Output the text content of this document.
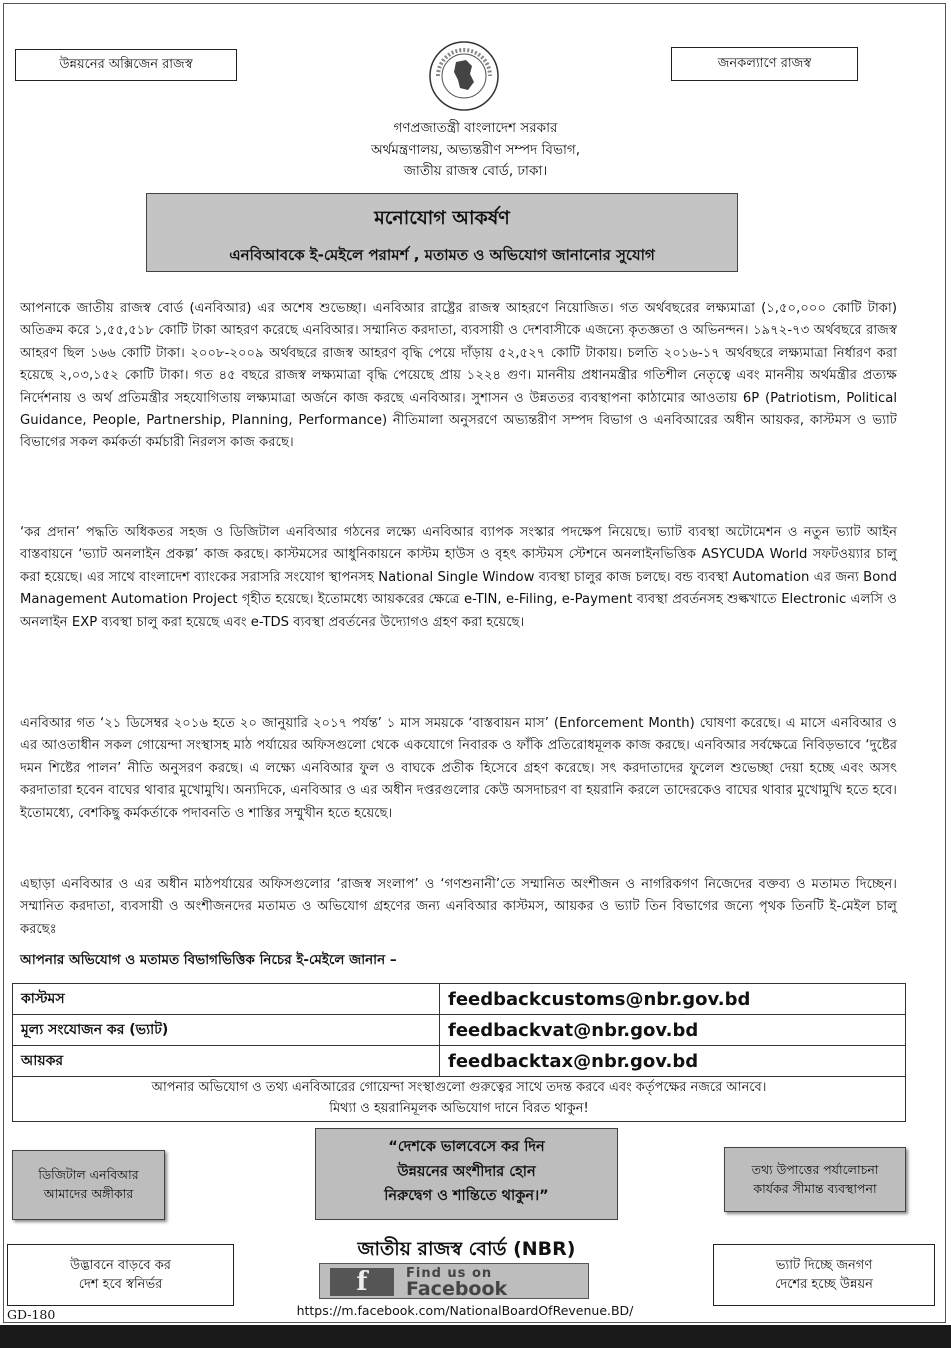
উন্নয়নের অক্সিজেন রাজস্ব	জনকল্যাণে রাজস্ব
গণপ্রজাতন্ত্রী বাংলাদেশ সরকার
অর্থমন্ত্রণালয়, অভ্যন্তরীণ সম্পদ বিভাগ,
জাতীয় রাজস্ব বোর্ড, ঢাকা।
মনোযোগ আকর্ষণ
এনবিআবকে ই-মেইলে পরামর্শ , মতামত ও অভিযোগ জানানোর সুযোগ
আপনাকে জাতীয় রাজস্ব বোর্ড (এনবিআর) এর অশেষ শুভেচ্ছা। এনবিআর রাষ্ট্রের রাজস্ব আহরণে নিয়োজিত। গত অর্থবছরের লক্ষ্যমাত্রা (১,৫০,০০০ কোটি টাকা) অতিক্রম করে ১,৫৫,৫১৮ কোটি টাকা আহরণ করেছে এনবিআর। সম্মানিত করদাতা, ব্যবসায়ী ও দেশবাসীকে এজন্যে কৃতজ্ঞতা ও অভিনন্দন। ১৯৭২-৭৩ অর্থবছরে রাজস্ব আহরণ ছিল ১৬৬ কোটি টাকা। ২০০৮-২০০৯ অর্থবছরে রাজস্ব আহরণ বৃদ্ধি পেয়ে দাঁড়ায় ৫২,৫২৭ কোটি টাকায়। চলতি ২০১৬-১৭ অর্থবছরে লক্ষ্যমাত্রা নির্ধারণ করা হয়েছে ২,০৩,১৫২ কোটি টাকা। গত ৪৫ বছরে রাজস্ব লক্ষ্যমাত্রা বৃদ্ধি পেয়েছে প্রায় ১২২৪ গুণ। মাননীয় প্রধানমন্ত্রীর গতিশীল নেতৃত্বে এবং মাননীয় অর্থমন্ত্রীর প্রত্যক্ষ নির্দেশনায় ও অর্থ প্রতিমন্ত্রীর সহযোগিতায় লক্ষ্যমাত্রা অর্জনে কাজ করছে এনবিআর। সুশাসন ও উন্নততর ব্যবস্থাপনা কাঠামোর আওতায় 6P (Patriotism, Political Guidance, People, Partnership, Planning, Performance) নীতিমালা অনুসরণে অভ্যন্তরীণ সম্পদ বিভাগ ও এনবিআরের অধীন আয়কর, কাস্টমস ও ভ্যাট বিভাগের সকল কর্মকর্তা কর্মচারী নিরলস কাজ করছে।
‘কর প্রদান’ পদ্ধতি অধিকতর সহজ ও ডিজিটাল এনবিআর গঠনের লক্ষ্যে এনবিআর ব্যাপক সংস্কার পদক্ষেপ নিয়েছে। ভ্যাট ব্যবস্থা অটোমেশন ও নতুন ভ্যাট আইন বাস্তবায়নে ‘ভ্যাট অনলাইন প্রকল্প’ কাজ করছে। কাস্টমসের আধুনিকায়নে কাস্টম হাউস ও বৃহৎ কাস্টমস স্টেশনে অনলাইনভিত্তিক ASYCUDA World সফটওয়্যার চালু করা হয়েছে। এর সাথে বাংলাদেশ ব্যাংকের সরাসরি সংযোগ স্থাপনসহ National Single Window ব্যবস্থা চালুর কাজ চলছে। বন্ড ব্যবস্থা Automation এর জন্য Bond Management Automation Project গৃহীত হয়েছে। ইতোমধ্যে আয়করের ক্ষেত্রে e-TIN, e-Filing, e-Payment ব্যবস্থা প্রবর্তনসহ শুল্কখাতে Electronic এলসি ও অনলাইন EXP ব্যবস্থা চালু করা হয়েছে এবং e-TDS ব্যবস্থা প্রবর্তনের উদ্যোগও গ্রহণ করা হয়েছে।
এনবিআর গত ‘২১ ডিসেম্বর ২০১৬ হতে ২০ জানুয়ারি ২০১৭ পর্যন্ত’ ১ মাস সময়কে ‘বাস্তবায়ন মাস’ (Enforcement Month) ঘোষণা করেছে। এ মাসে এনবিআর ও এর আওতাধীন সকল গোয়েন্দা সংস্থাসহ মাঠ পর্যায়ের অফিসগুলো থেকে একযোগে নিবারক ও ফাঁকি প্রতিরোধমূলক কাজ করছে। এনবিআর সর্বক্ষেত্রে নিবিড়ভাবে ‘দুষ্টের দমন শিষ্টের পালন’ নীতি অনুসরণ করছে। এ লক্ষ্যে এনবিআর ফুল ও বাঘকে প্রতীক হিসেবে গ্রহণ করেছে। সৎ করদাতাদের ফুলেল শুভেচ্ছা দেয়া হচ্ছে এবং অসৎ করদাতারা হবেন বাঘের থাবার মুখোমুখি। অন্যদিকে, এনবিআর ও এর অধীন দপ্তরগুলোর কেউ অসদাচরণ বা হয়রানি করলে তাদেরকেও বাঘের থাবার মুখোমুখি হতে হবে। ইতোমধ্যে, বেশকিছু কর্মকর্তাকে পদাবনতি ও শাস্তির সম্মুখীন হতে হয়েছে।
এছাড়া এনবিআর ও এর অধীন মাঠপর্যায়ের অফিসগুলোর ‘রাজস্ব সংলাপ’ ও ‘গণশুনানী’তে সম্মানিত অংশীজন ও নাগরিকগণ নিজেদের বক্তব্য ও মতামত দিচ্ছেন। সম্মানিত করদাতা, ব্যবসায়ী ও অংশীজনদের মতামত ও অভিযোগ গ্রহণের জন্য এনবিআর কাস্টমস, আয়কর ও ভ্যাট তিন বিভাগের জন্যে পৃথক তিনটি ই-মেইল চালু করছেঃ
আপনার অভিযোগ ও মতামত বিভাগভিত্তিক নিচের ই-মেইলে জানান –
কাস্টমস	feedbackcustoms@nbr.gov.bd
মূল্য সংযোজন কর (ভ্যাট)	feedbackvat@nbr.gov.bd
আয়কর	feedbacktax@nbr.gov.bd

আপনার অভিযোগ ও তথ্য এনবিআরের গোয়েন্দা সংস্থাগুলো গুরুত্বের সাথে তদন্ত করবে এবং কর্তৃপক্ষের নজরে আনবে।
মিথ্যা ও হয়রানিমূলক অভিযোগ দানে বিরত থাকুন!	
ডিজিটাল এনবিআর
আমাদের অঙ্গীকার
“দেশকে ভালবেসে কর দিন
উন্নয়নের অংশীদার হোন
নিরুদ্বেগ ও শান্তিতে থাকুন।”
তথ্য উপাত্তের পর্যালোচনা
কার্যকর সীমান্ত ব্যবস্থাপনা
উদ্ভাবনে বাড়বে কর
দেশ হবে স্বনির্ভর
ভ্যাট দিচ্ছে জনগণ
দেশের হচ্ছে উন্নয়ন
জাতীয় রাজস্ব বোর্ড (NBR)
f	Find us on
Facebook
https://m.facebook.com/NationalBoardOfRevenue.BD/
GD-180
